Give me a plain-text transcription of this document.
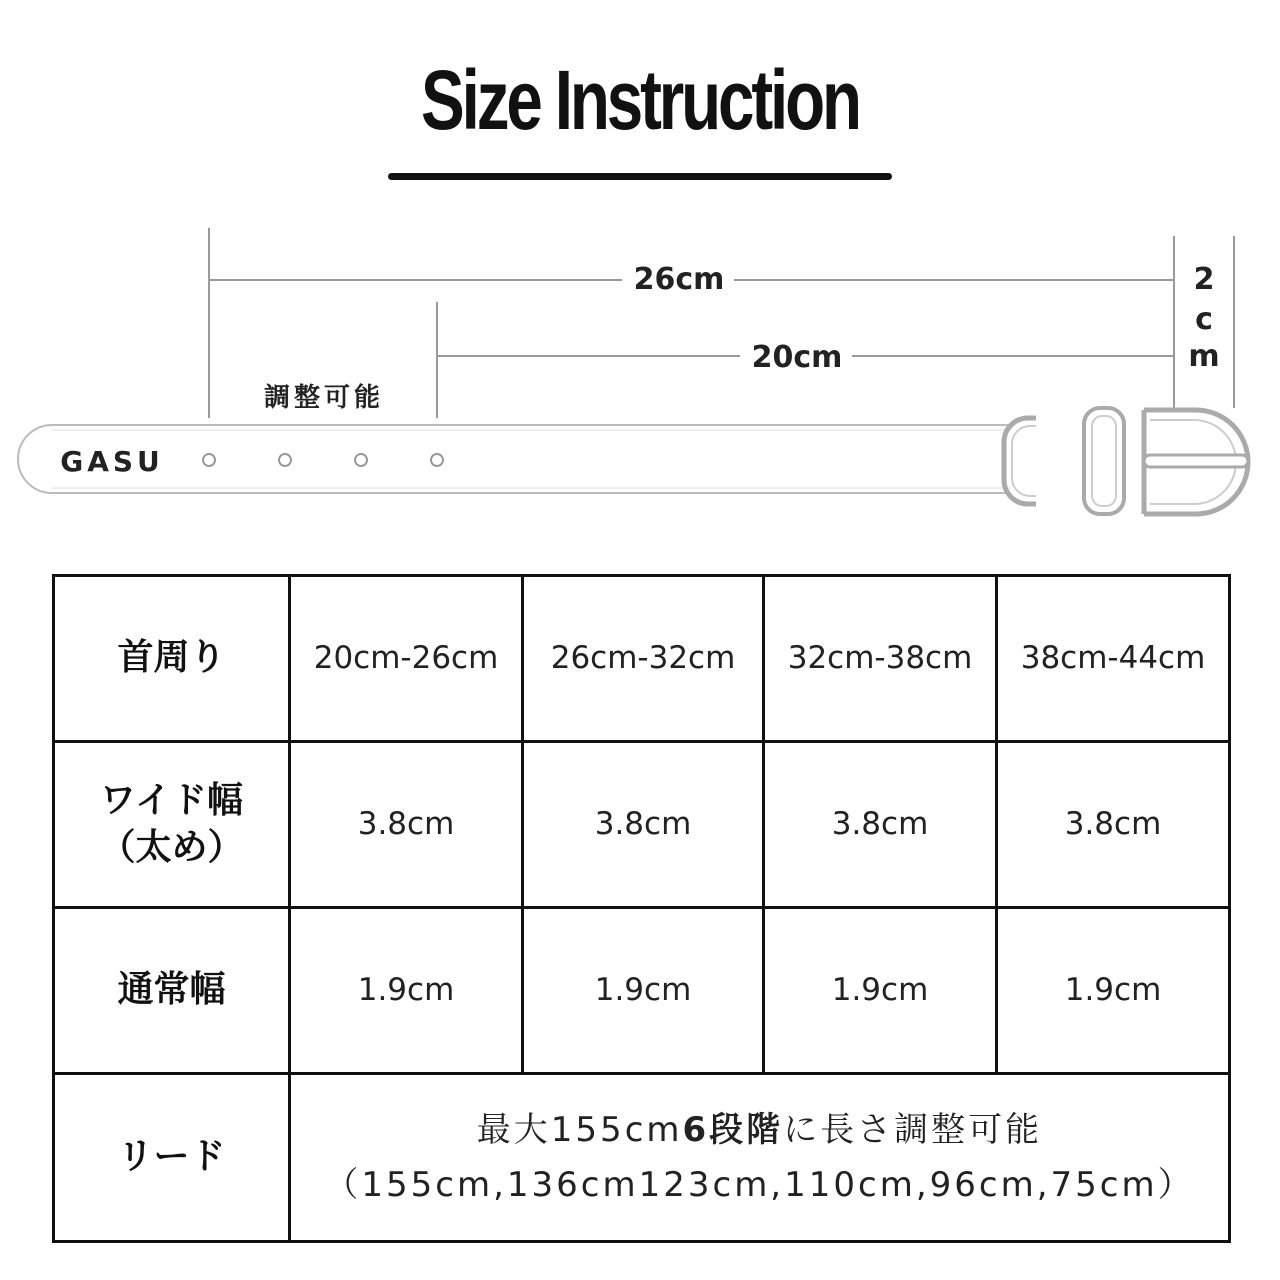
Size Instruction
26cm
20cm
2
c
m
調整可能
GASU
首周り	20cm-26cm	26cm-32cm	32cm-38cm	38cm-44cm

ワイド幅
（太め）	3.8cm	3.8cm	3.8cm	3.8cm
通常幅	1.9cm	1.9cm	1.9cm	1.9cm
リード	最大155cm6段階に長さ調整可能
（155cm,136cm123cm,110cm,96cm,75cm）			
